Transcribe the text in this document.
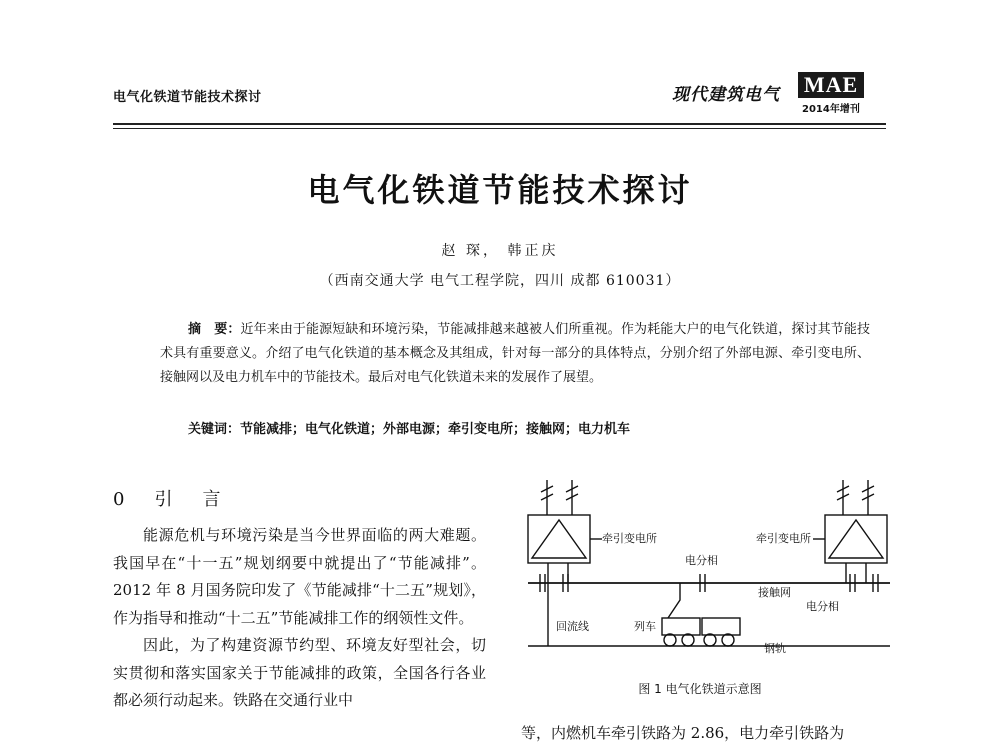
电气化铁道节能技术探讨	现代建筑电气 MAE
2014年增刊
电气化铁道节能技术探讨
赵 琛， 韩正庆
（西南交通大学 电气工程学院，四川 成都 610031）
摘　要：近年来由于能源短缺和环境污染，节能减排越来越被人们所重视。作为耗能大户的电气化铁道，探讨其节能技术具有重要意义。介绍了电气化铁道的基本概念及其组成，针对每一部分的具体特点，分别介绍了外部电源、牵引变电所、接触网以及电力机车中的节能技术。最后对电气化铁道未来的发展作了展望。
关键词：节能减排；电气化铁道；外部电源；牵引变电所；接触网；电力机车
0　引　言

能源危机与环境污染是当今世界面临的两大难题。我国早在“十一五”规划纲要中就提出了“节能减排”。2012 年 8 月国务院印发了《节能减排“十二五”规划》，作为指导和推动“十二五”节能减排工作的纲领性文件。

因此，为了构建资源节约型、环境友好型社会，切实贯彻和落实国家关于节能减排的政策，全国各行各业都必须行动起来。铁路在交通行业中

牵引变电所	牵引变电所
电分相
接触网
电分相
回流线	列车
钢轨
图 1 电气化铁道示意图
等，内燃机车牵引铁路为 2.86，电力牵引铁路为
